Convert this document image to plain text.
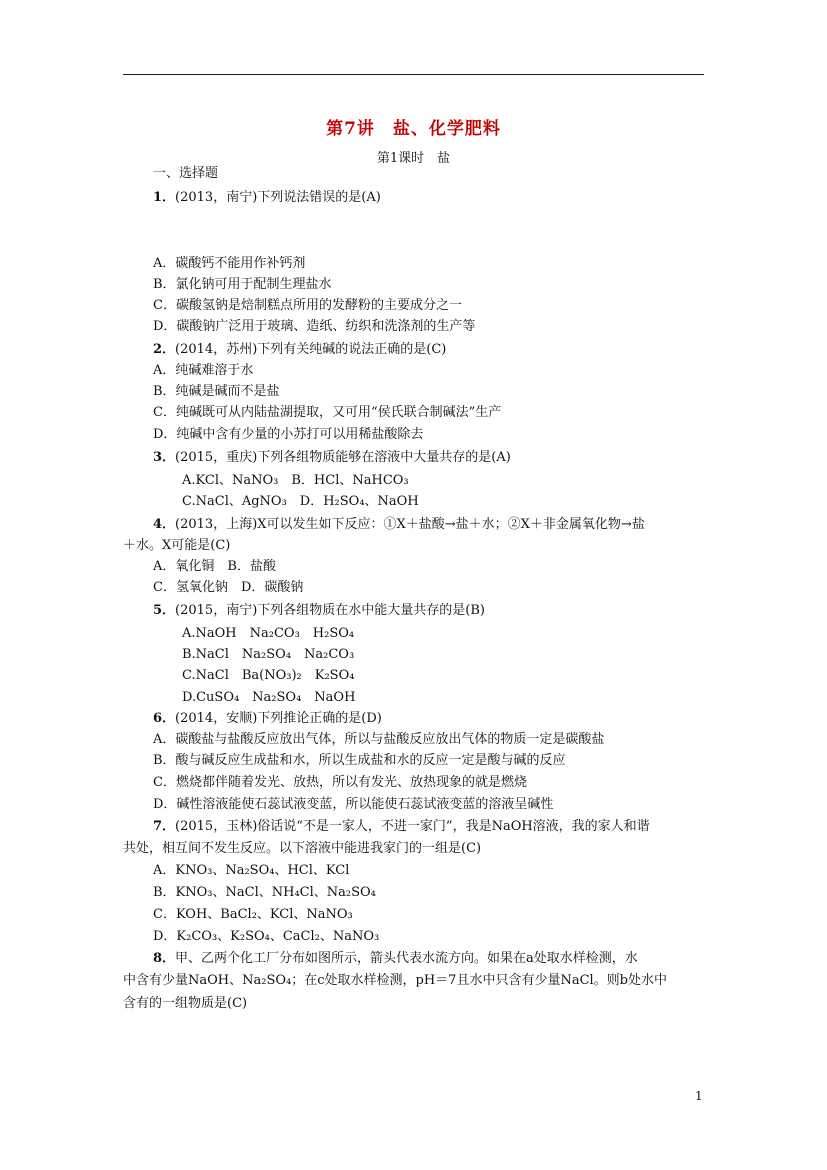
第7讲　盐、化学肥料
第1课时　盐
一、选择题
1．(2013，南宁)下列说法错误的是(A)
A．碳酸钙不能用作补钙剂
B．氯化钠可用于配制生理盐水
C．碳酸氢钠是焙制糕点所用的发酵粉的主要成分之一
D．碳酸钠广泛用于玻璃、造纸、纺织和洗涤剂的生产等
2．(2014，苏州)下列有关纯碱的说法正确的是(C)
A．纯碱难溶于水
B．纯碱是碱而不是盐
C．纯碱既可从内陆盐湖提取，又可用“侯氏联合制碱法”生产
D．纯碱中含有少量的小苏打可以用稀盐酸除去
3．(2015，重庆)下列各组物质能够在溶液中大量共存的是(A)
A.KCl、NaNO₃　B．HCl、NaHCO₃
C.NaCl、AgNO₃　D．H₂SO₄、NaOH
4．(2013，上海)X可以发生如下反应：①X＋盐酸→盐＋水；②X＋非金属氧化物→盐
＋水。X可能是(C)
A．氧化铜　B．盐酸
C．氢氧化钠　D．碳酸钠
5．(2015，南宁)下列各组物质在水中能大量共存的是(B)
A.NaOH　Na₂CO₃　H₂SO₄
B.NaCl　Na₂SO₄　Na₂CO₃
C.NaCl　Ba(NO₃)₂　K₂SO₄
D.CuSO₄　Na₂SO₄　NaOH
6．(2014，安顺)下列推论正确的是(D)
A．碳酸盐与盐酸反应放出气体，所以与盐酸反应放出气体的物质一定是碳酸盐
B．酸与碱反应生成盐和水，所以生成盐和水的反应一定是酸与碱的反应
C．燃烧都伴随着发光、放热，所以有发光、放热现象的就是燃烧
D．碱性溶液能使石蕊试液变蓝，所以能使石蕊试液变蓝的溶液呈碱性
7．(2015，玉林)俗话说“不是一家人，不进一家门”，我是NaOH溶液，我的家人和谐
共处，相互间不发生反应。以下溶液中能进我家门的一组是(C)
A．KNO₃、Na₂SO₄、HCl、KCl
B．KNO₃、NaCl、NH₄Cl、Na₂SO₄
C．KOH、BaCl₂、KCl、NaNO₃
D．K₂CO₃、K₂SO₄、CaCl₂、NaNO₃
8．甲、乙两个化工厂分布如图所示，箭头代表水流方向。如果在a处取水样检测，水
中含有少量NaOH、Na₂SO₄；在c处取水样检测，pH＝7且水中只含有少量NaCl。则b处水中
含有的一组物质是(C)
1
